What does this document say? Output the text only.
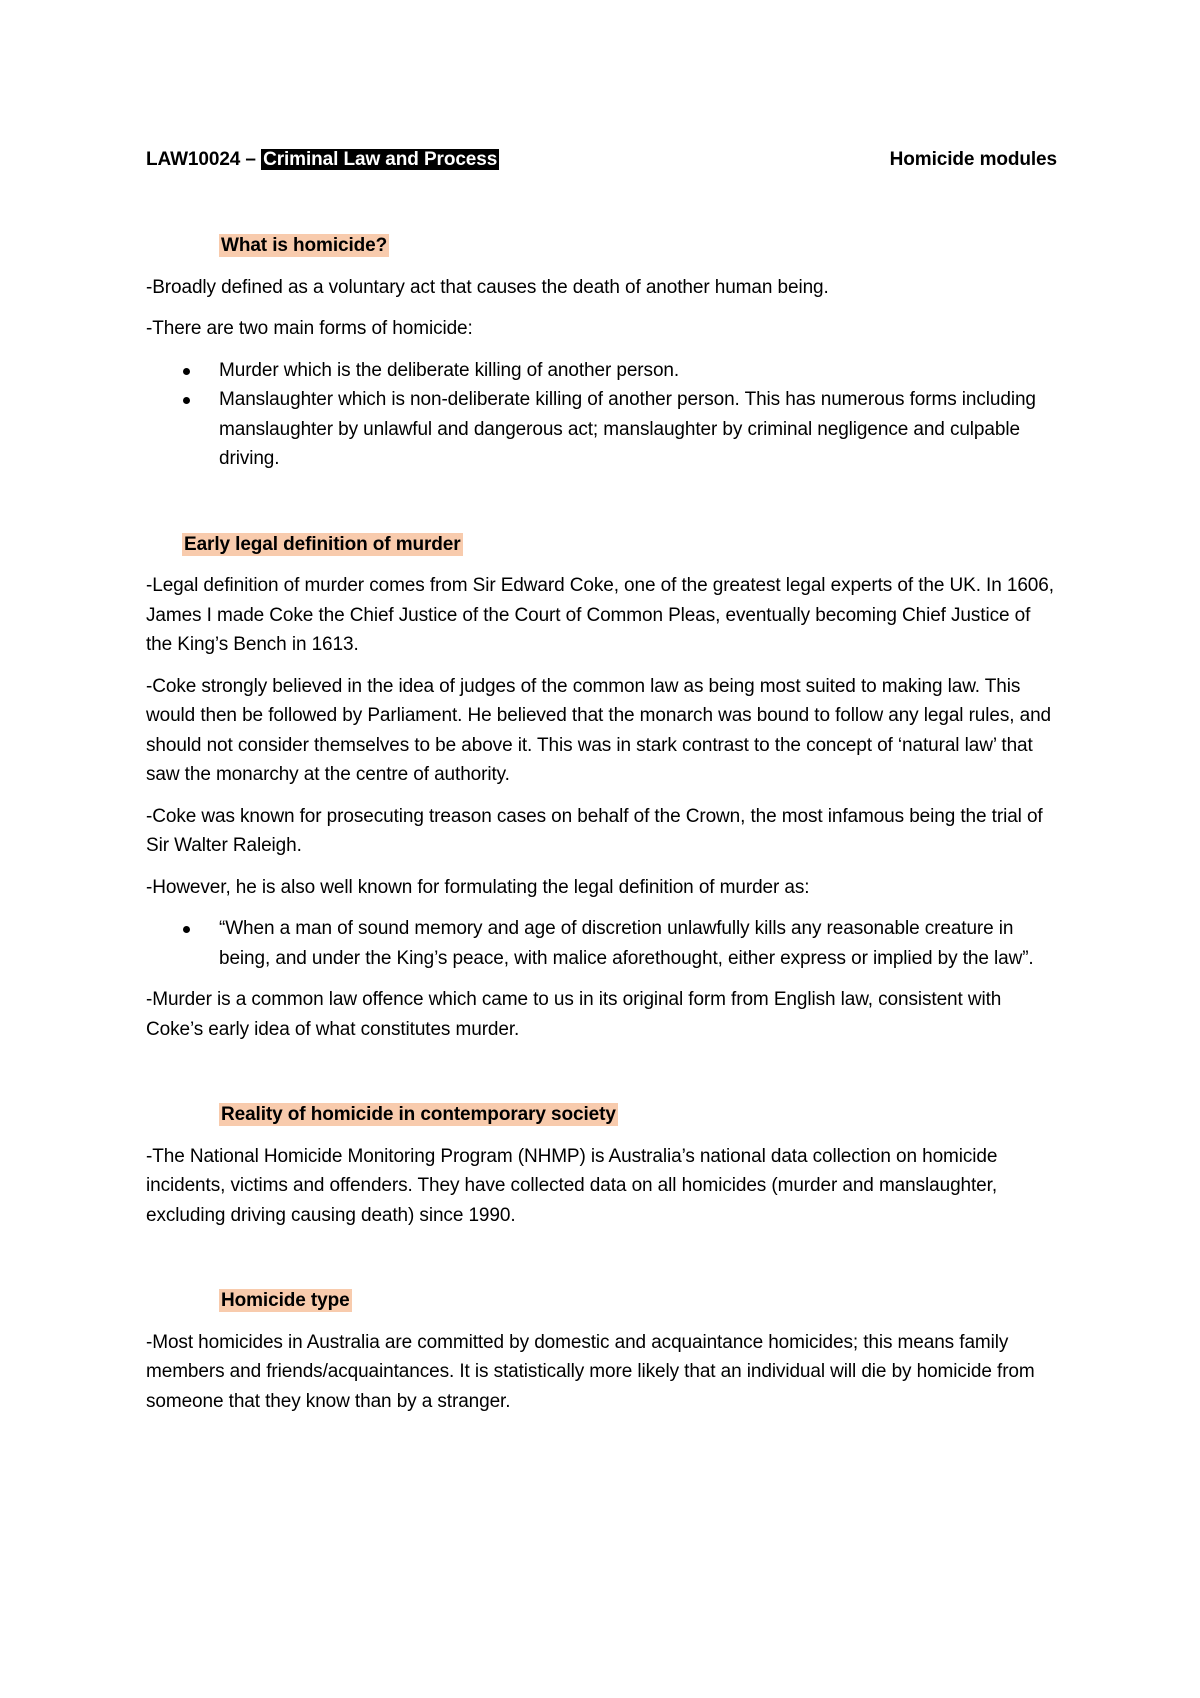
LAW10024 – Criminal Law and Process	Homicide modules
What is homicide?

-Broadly defined as a voluntary act that causes the death of another human being.

-There are two main forms of homicide:

Murder which is the deliberate killing of another person.
Manslaughter which is non-deliberate killing of another person. This has numerous forms including manslaughter by unlawful and dangerous act; manslaughter by criminal negligence and culpable driving.
Early legal definition of murder

-Legal definition of murder comes from Sir Edward Coke, one of the greatest legal experts of the UK. In 1606, James I made Coke the Chief Justice of the Court of Common Pleas, eventually becoming Chief Justice of the King’s Bench in 1613.

-Coke strongly believed in the idea of judges of the common law as being most suited to making law. This would then be followed by Parliament. He believed that the monarch was bound to follow any legal rules, and should not consider themselves to be above it. This was in stark contrast to the concept of ‘natural law’ that saw the monarchy at the centre of authority.

-Coke was known for prosecuting treason cases on behalf of the Crown, the most infamous being the trial of Sir Walter Raleigh.

-However, he is also well known for formulating the legal definition of murder as:

“When a man of sound memory and age of discretion unlawfully kills any reasonable creature in being, and under the King’s peace, with malice aforethought, either express or implied by the law”.

-Murder is a common law offence which came to us in its original form from English law, consistent with Coke’s early idea of what constitutes murder.

Reality of homicide in contemporary society

-The National Homicide Monitoring Program (NHMP) is Australia’s national data collection on homicide incidents, victims and offenders. They have collected data on all homicides (murder and manslaughter, excluding driving causing death) since 1990.

Homicide type

-Most homicides in Australia are committed by domestic and acquaintance homicides; this means family members and friends/acquaintances. It is statistically more likely that an individual will die by homicide from someone that they know than by a stranger.
